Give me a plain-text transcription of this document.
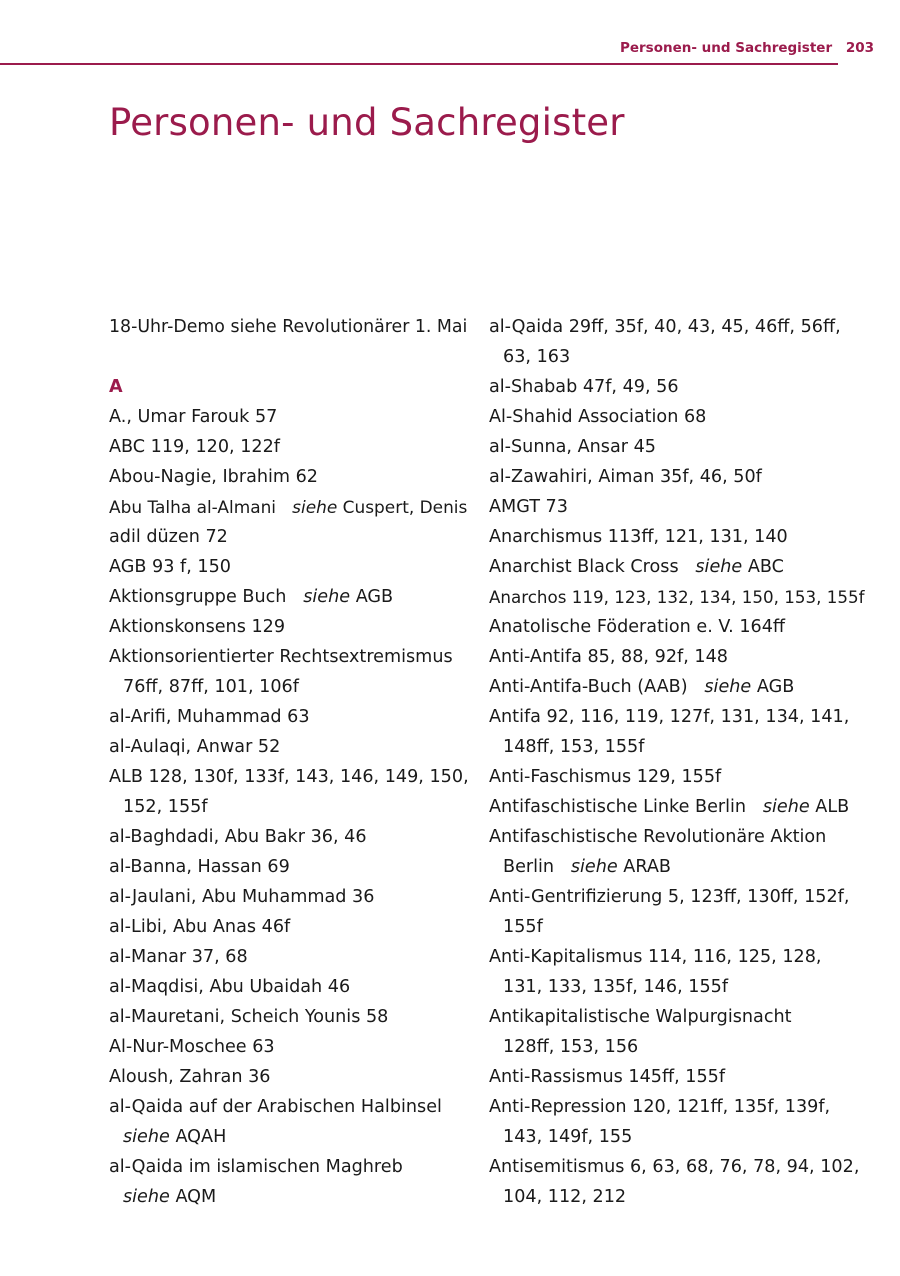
Personen- und Sachregister 203
Personen- und Sachregister
18-Uhr-Demo siehe Revolutionärer 1. Mai
A
A., Umar Farouk 57
ABC 119, 120, 122f
Abou-Nagie, Ibrahim 62
Abu Talha al-Almani siehe Cuspert, Denis
adil düzen 72
AGB 93 f, 150
Aktionsgruppe Buch siehe AGB
Aktionskonsens 129
Aktionsorientierter Rechtsextremismus
76ff, 87ff, 101, 106f
al-Arifi, Muhammad 63
al-Aulaqi, Anwar 52
ALB 128, 130f, 133f, 143, 146, 149, 150,
152, 155f
al-Baghdadi, Abu Bakr 36, 46
al-Banna, Hassan 69
al-Jaulani, Abu Muhammad 36
al-Libi, Abu Anas 46f
al-Manar 37, 68
al-Maqdisi, Abu Ubaidah 46
al-Mauretani, Scheich Younis 58
Al-Nur-Moschee 63
Aloush, Zahran 36
al-Qaida auf der Arabischen Halbinsel
siehe AQAH
al-Qaida im islamischen Maghreb
siehe AQM
al-Qaida 29ff, 35f, 40, 43, 45, 46ff, 56ff,
63, 163
al-Shabab 47f, 49, 56
Al-Shahid Association 68
al-Sunna, Ansar 45
al-Zawahiri, Aiman 35f, 46, 50f
AMGT 73
Anarchismus 113ff, 121, 131, 140
Anarchist Black Cross siehe ABC
Anarchos 119, 123, 132, 134, 150, 153, 155f
Anatolische Föderation e. V. 164ff
Anti-Antifa 85, 88, 92f, 148
Anti-Antifa-Buch (AAB) siehe AGB
Antifa 92, 116, 119, 127f, 131, 134, 141,
148ff, 153, 155f
Anti-Faschismus 129, 155f
Antifaschistische Linke Berlin siehe ALB
Antifaschistische Revolutionäre Aktion
Berlin siehe ARAB
Anti-Gentrifizierung 5, 123ff, 130ff, 152f,
155f
Anti-Kapitalismus 114, 116, 125, 128,
131, 133, 135f, 146, 155f
Antikapitalistische Walpurgisnacht
128ff, 153, 156
Anti-Rassismus 145ff, 155f
Anti-Repression 120, 121ff, 135f, 139f,
143, 149f, 155
Antisemitismus 6, 63, 68, 76, 78, 94, 102,
104, 112, 212
